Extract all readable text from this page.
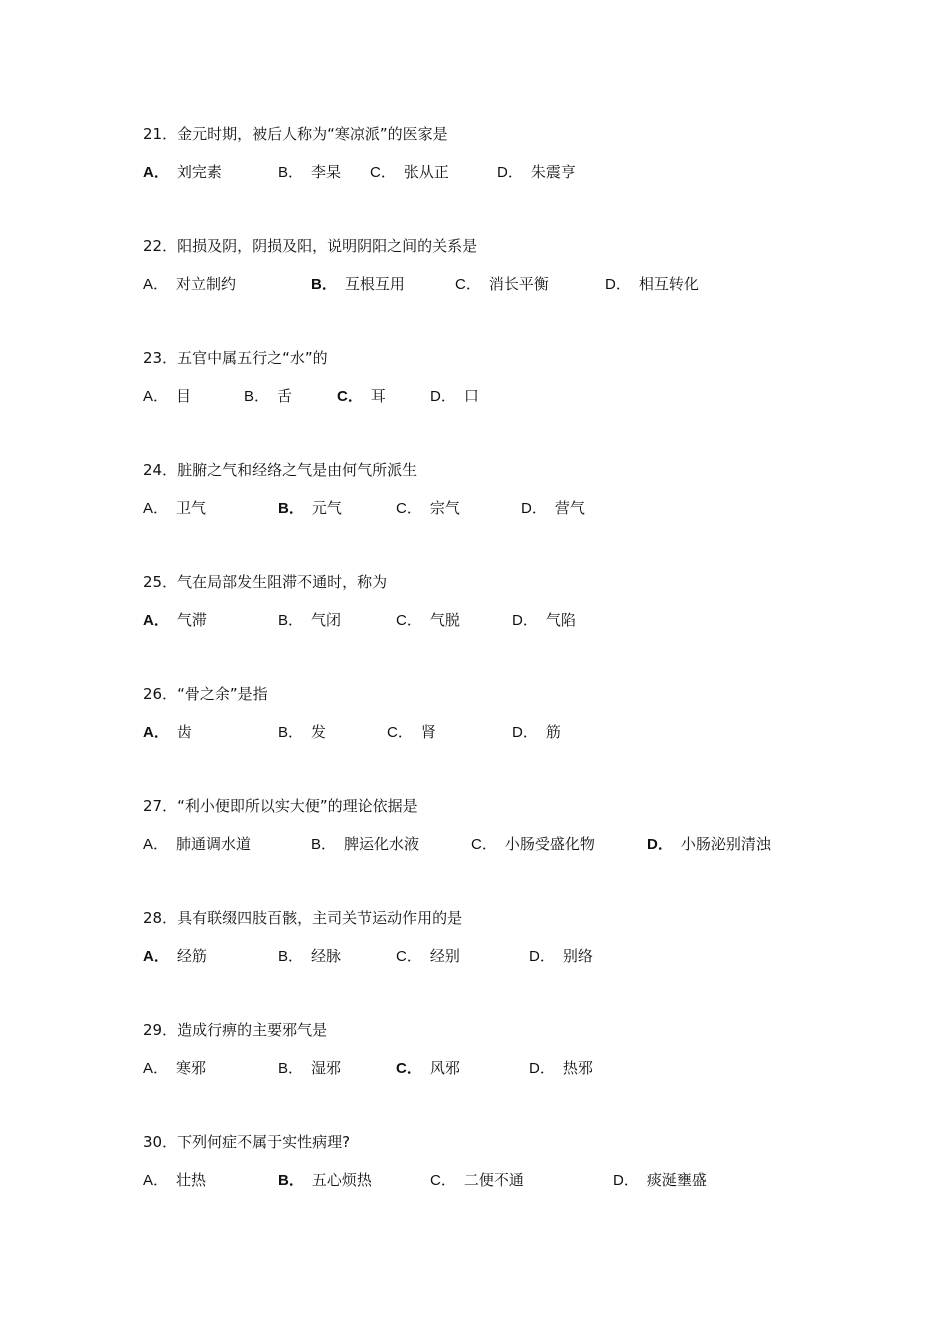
21．金元时期，被后人称为“寒凉派”的医家是
A． 刘完素	B． 李杲 C． 张从正	D． 朱震亨
22．阳损及阴，阴损及阳，说明阴阳之间的关系是
A． 对立制约	B． 互根互用	C． 消长平衡	D． 相互转化
23．五官中属五行之“水”的
A． 目	B． 舌	C． 耳	D． 口
24．脏腑之气和经络之气是由何气所派生
A． 卫气	B． 元气	C． 宗气	D． 营气
25．气在局部发生阻滞不通时，称为
A． 气滞	B． 气闭	C． 气脱	D． 气陷
26．“骨之余”是指
A． 齿	B． 发	C． 肾	D． 筋
27．“利小便即所以实大便”的理论依据是
A． 肺通调水道	B． 脾运化水液	C． 小肠受盛化物	D． 小肠泌别清浊
28．具有联缀四肢百骸，主司关节运动作用的是
A． 经筋	B． 经脉	C． 经别	D． 别络
29．造成行痹的主要邪气是
A． 寒邪	B． 湿邪	C． 风邪	D． 热邪
30．下列何症不属于实性病理?
A． 壮热	B． 五心烦热	C． 二便不通	D． 痰涎壅盛
